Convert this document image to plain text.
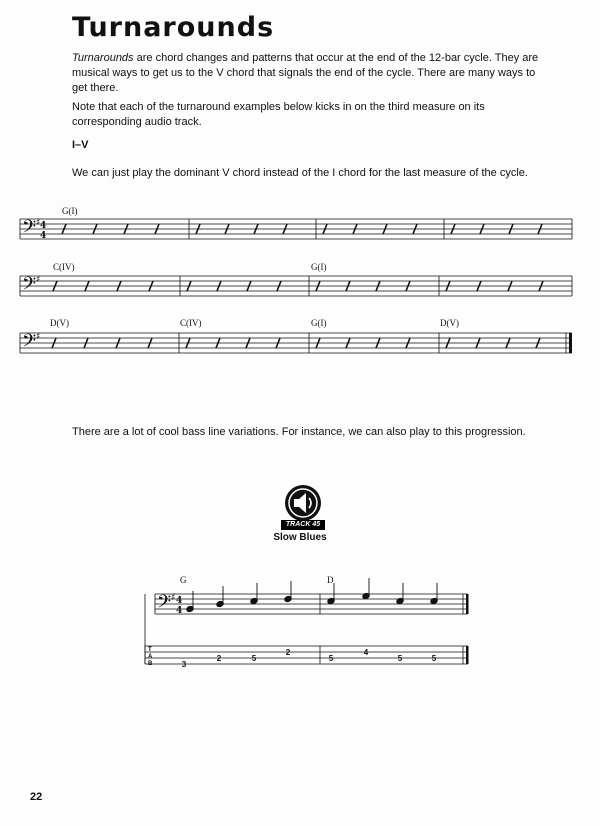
Turnarounds
Turnarounds are chord changes and patterns that occur at the end of the 12-bar cycle. They are musical ways to get us to the V chord that signals the end of the cycle. There are many ways to get there.
Note that each of the turnaround examples below kicks in on the third measure on its corresponding audio track.
I–V
We can just play the dominant V chord instead of the I chord for the last measure of the cycle.
G(I)
C(IV)	G(I)
D(V)	C(IV)	G(I)	D(V)
There are a lot of cool bass line variations. For instance, we can also play to this progression.
G	D
𝄢 ♯ 4
4
𝄢 ♯
𝄢 ♯
𝄢 ♯ 4
4
T
A
B	3
2	5
2
5
4
5	5
TRACK 45
Slow Blues
22
